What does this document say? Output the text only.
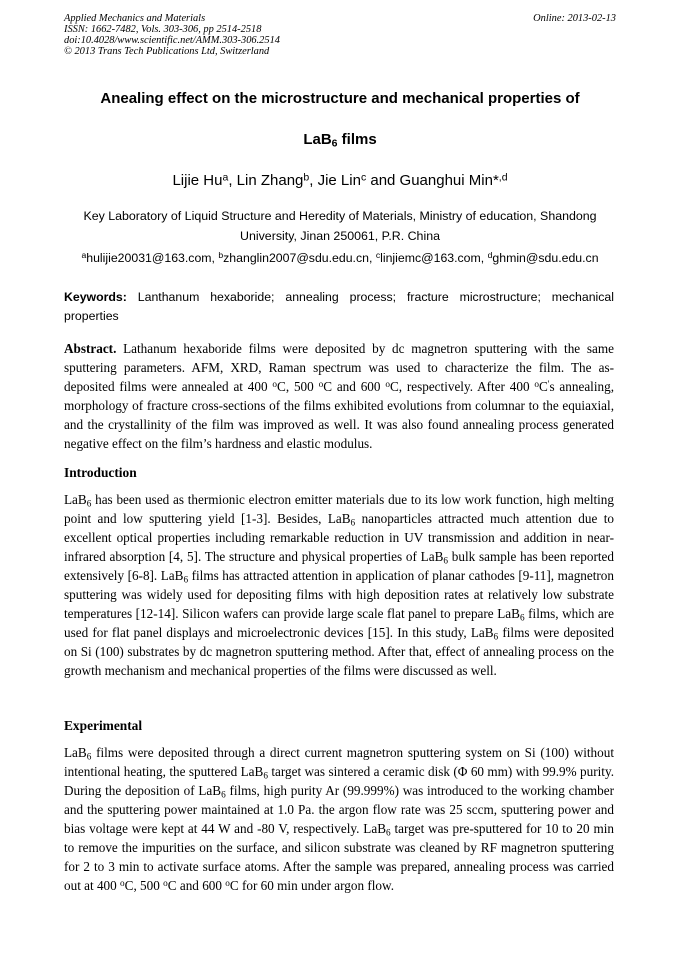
Applied Mechanics and Materials
ISSN: 1662-7482, Vols. 303-306, pp 2514-2518
doi:10.4028/www.scientific.net/AMM.303-306.2514
© 2013 Trans Tech Publications Ltd, Switzerland
Online: 2013-02-13
Anealing effect on the microstructure and mechanical properties of
LaB$_6$ films
Lijie Hu$^a$, Lin Zhang$^b$, Jie Lin$^c$ and Guanghui Min*$^{,d}$
Key Laboratory of Liquid Structure and Heredity of Materials, Ministry of education, Shandong
University, Jinan 250061, P.R. China
$^a$hulijie20031@163.com, $^b$zhanglin2007@sdu.edu.cn, $^c$linjiemc@163.com, $^d$ghmin@sdu.edu.cn
Keywords: Lanthanum hexaboride; annealing process; fracture microstructure; mechanical properties
Abstract. Lathanum hexaboride films were deposited by dc magnetron sputtering with the same sputtering parameters. AFM, XRD, Raman spectrum was used to characterize the film. The as-deposited films were annealed at 400 $^o$C, 500 $^o$C and 600 $^o$C, respectively. After 400 $^o$C's annealing, morphology of fracture cross-sections of the films exhibited evolutions from columnar to the equiaxial, and the crystallinity of the film was improved as well. It was also found annealing process generated negative effect on the film’s hardness and elastic modulus.
Introduction
LaB$_6$ has been used as thermionic electron emitter materials due to its low work function, high melting point and low sputtering yield [1-3]. Besides, LaB$_6$ nanoparticles attracted much attention due to excellent optical properties including remarkable reduction in UV transmission and addition in near-infrared absorption [4, 5]. The structure and physical properties of LaB$_6$ bulk sample has been reported extensively [6-8]. LaB$_6$ films has attracted attention in application of planar cathodes [9-11], magnetron sputtering was widely used for depositing films with high deposition rates at relatively low substrate temperatures [12-14]. Silicon wafers can provide large scale flat panel to prepare LaB$_6$ films, which are used for flat panel displays and microelectronic devices [15]. In this study, LaB$_6$ films were deposited on Si (100) substrates by dc magnetron sputtering method. After that, effect of annealing process on the growth mechanism and mechanical properties of the films were discussed as well.
Experimental
LaB$_6$ films were deposited through a direct current magnetron sputtering system on Si (100) without intentional heating, the sputtered LaB$_6$ target was sintered a ceramic disk (Φ 60 mm) with 99.9% purity. During the deposition of LaB$_6$ films, high purity Ar (99.999%) was introduced to the working chamber and the sputtering power maintained at 1.0 Pa. the argon flow rate was 25 sccm, sputtering power and bias voltage were kept at 44 W and -80 V, respectively. LaB$_6$ target was pre-sputtered for 10 to 20 min to remove the impurities on the surface, and silicon substrate was cleaned by RF magnetron sputtering for 2 to 3 min to activate surface atoms. After the sample was prepared, annealing process was carried out at 400 $^o$C, 500 $^o$C and 600 $^o$C for 60 min under argon flow.
